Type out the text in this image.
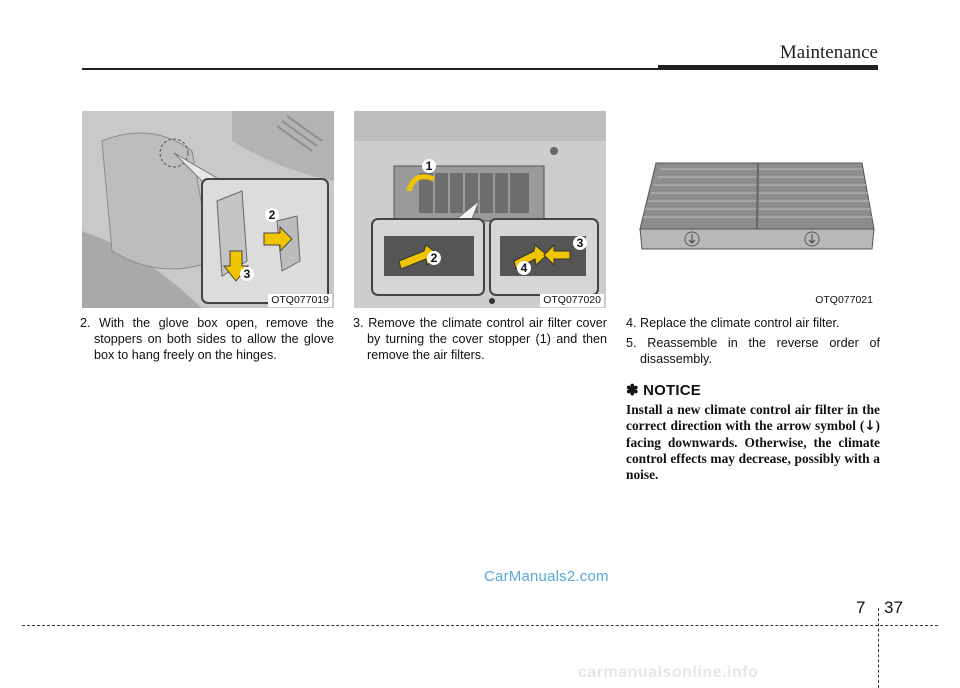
Maintenance
2
3
OTQ077019
1
2
3
4
OTQ077020	OTQ077021

2. With the glove box open, remove the stoppers on both sides to allow the glove box to hang freely on the hinges.

3. Remove the climate control air filter cover by turning the cover stopper (1) and then remove the air filters.

4. Replace the climate control air filter.

5. Reassemble in the reverse order of disassembly.

✽ NOTICE
Install a new climate control air filter in the correct direction with the arrow symbol (↓) facing downwards. Otherwise, the climate control effects may decrease, possibly with a noise.
CarManuals2.com
7 37
carmanualsonline.info
